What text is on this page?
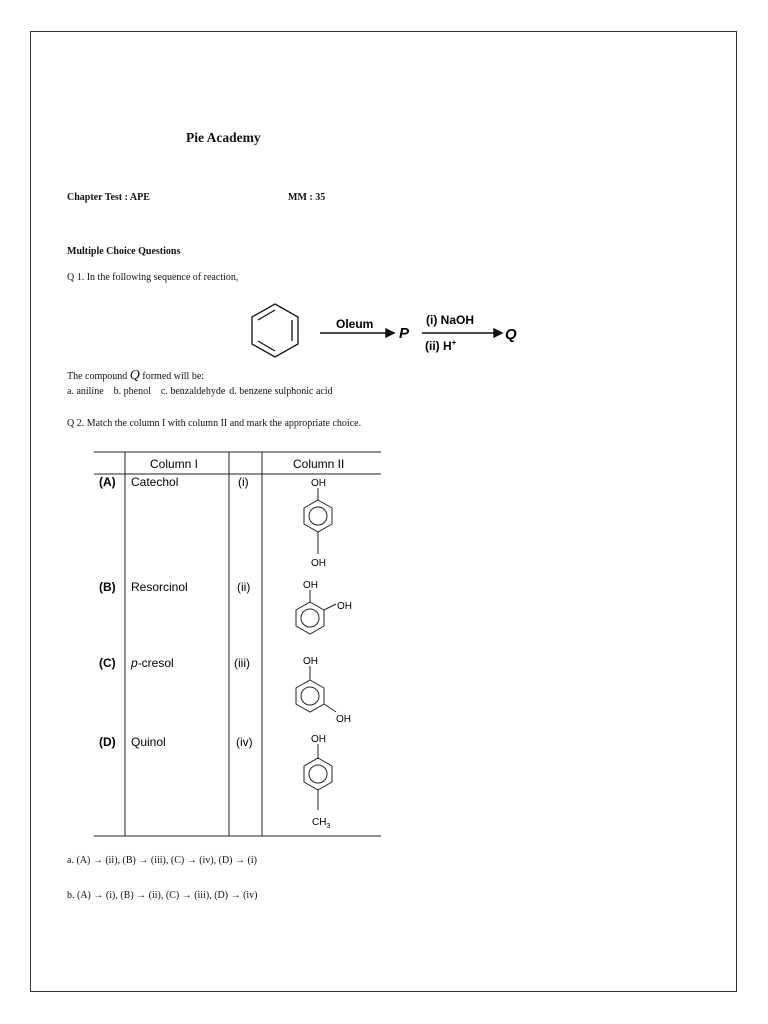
Pie Academy
Chapter Test : APE	MM : 35
Multiple Choice Questions
Q 1. In the following sequence of reaction,
Oleum
P
(i) NaOH
(ii) H+	Q
The compound Q formed will be:
a. aniline b. phenol c. benzaldehyde d. benzene sulphonic acid
Q 2. Match the column I with column II and mark the appropriate choice.
Column I	Column II
(A) Catechol	(i)
(B) Resorcinol	(ii)
(C) p-cresol	(iii)
(D) Quinol	(iv)
OH
OH
OH
OH
OH
OH
OH
$CH_3$
a. (A) → (ii), (B) → (iii), (C) → (iv), (D) → (i)
b. (A) → (i), (B) → (ii), (C) → (iii), (D) → (iv)
